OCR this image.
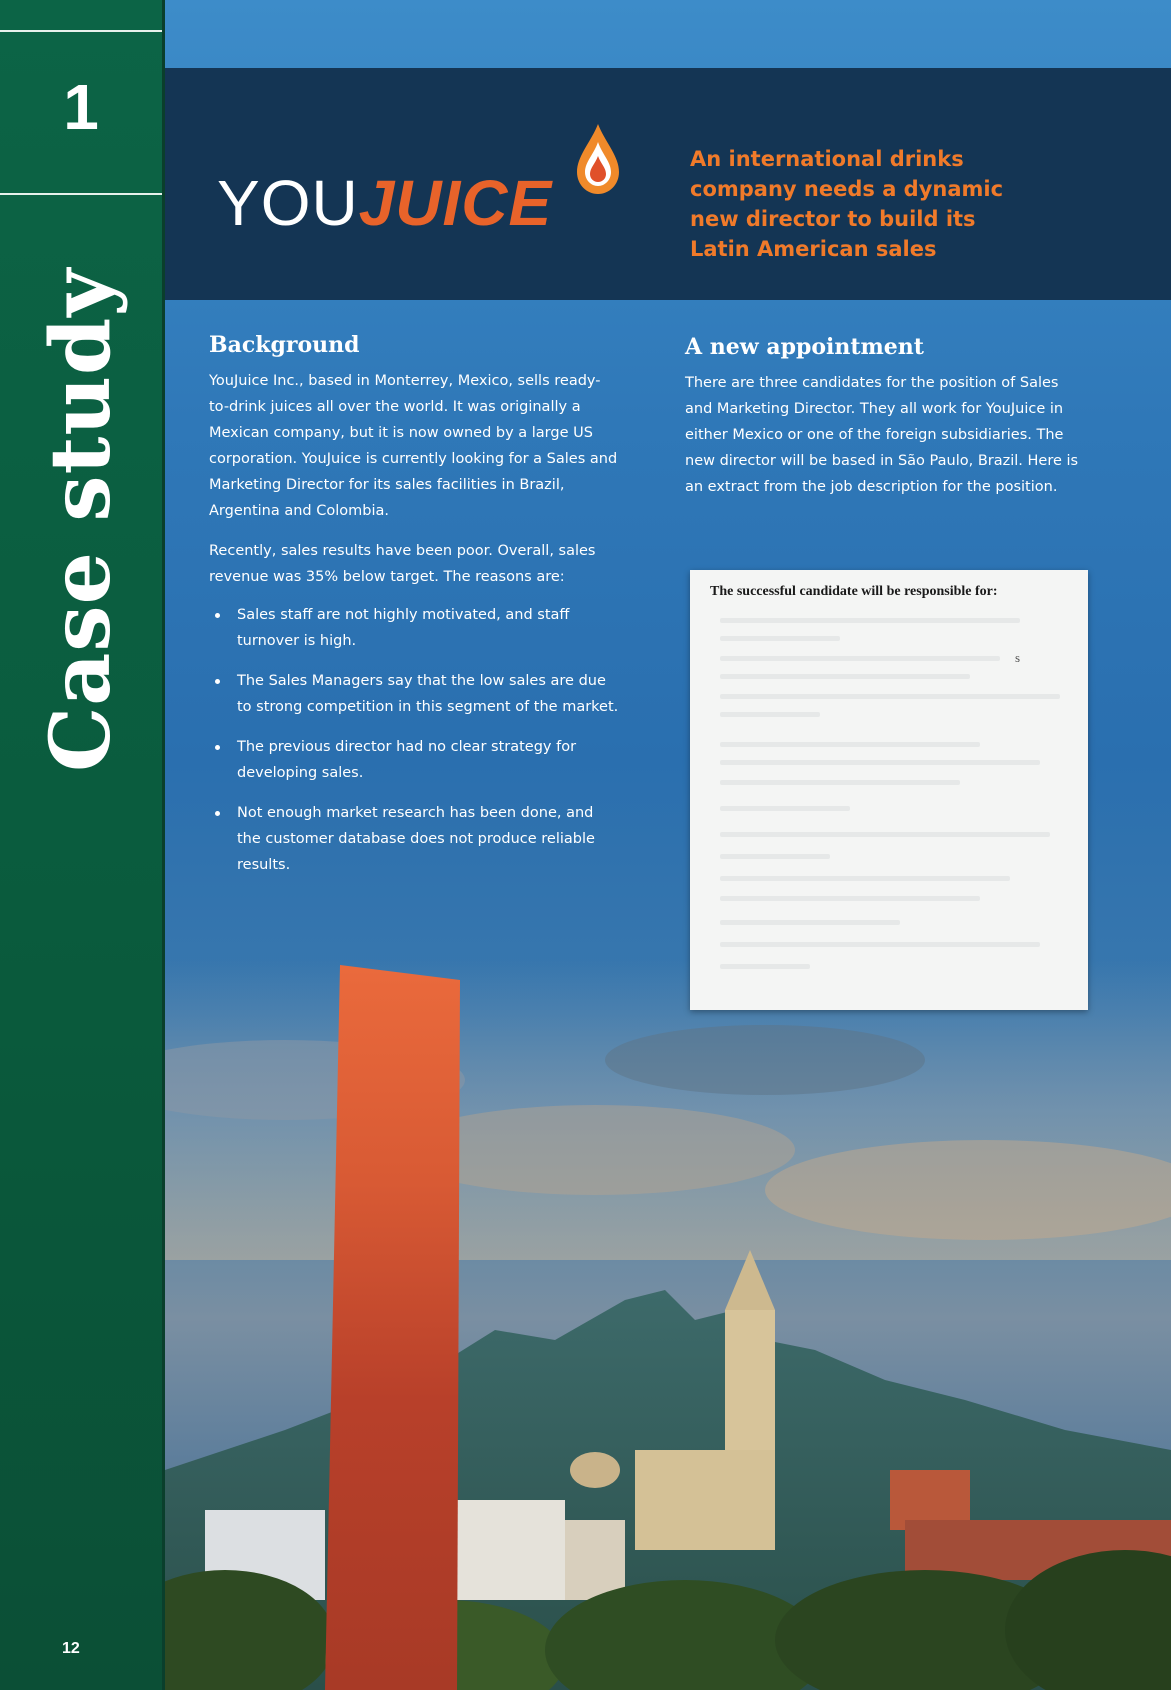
1
Case study
12
YOUJUICE
An international drinks company needs a dynamic new director to build its Latin American sales
Background

YouJuice Inc., based in Monterrey, Mexico, sells ready-to-drink juices all over the world. It was originally a Mexican company, but it is now owned by a large US corporation. YouJuice is currently looking for a Sales and Marketing Director for its sales facilities in Brazil, Argentina and Colombia.

Recently, sales results have been poor. Overall, sales revenue was 35% below target. The reasons are:

Sales staff are not highly motivated, and staff turnover is high.
The Sales Managers say that the low sales are due to strong competition in this segment of the market.
The previous director had no clear strategy for developing sales.
Not enough market research has been done, and the customer database does not produce reliable results.
A new appointment

There are three candidates for the position of Sales and Marketing Director. They all work for YouJuice in either Mexico or one of the foreign subsidiaries. The new director will be based in São Paulo, Brazil. Here is an extract from the job description for the position.

The successful candidate will be responsible for:
s
